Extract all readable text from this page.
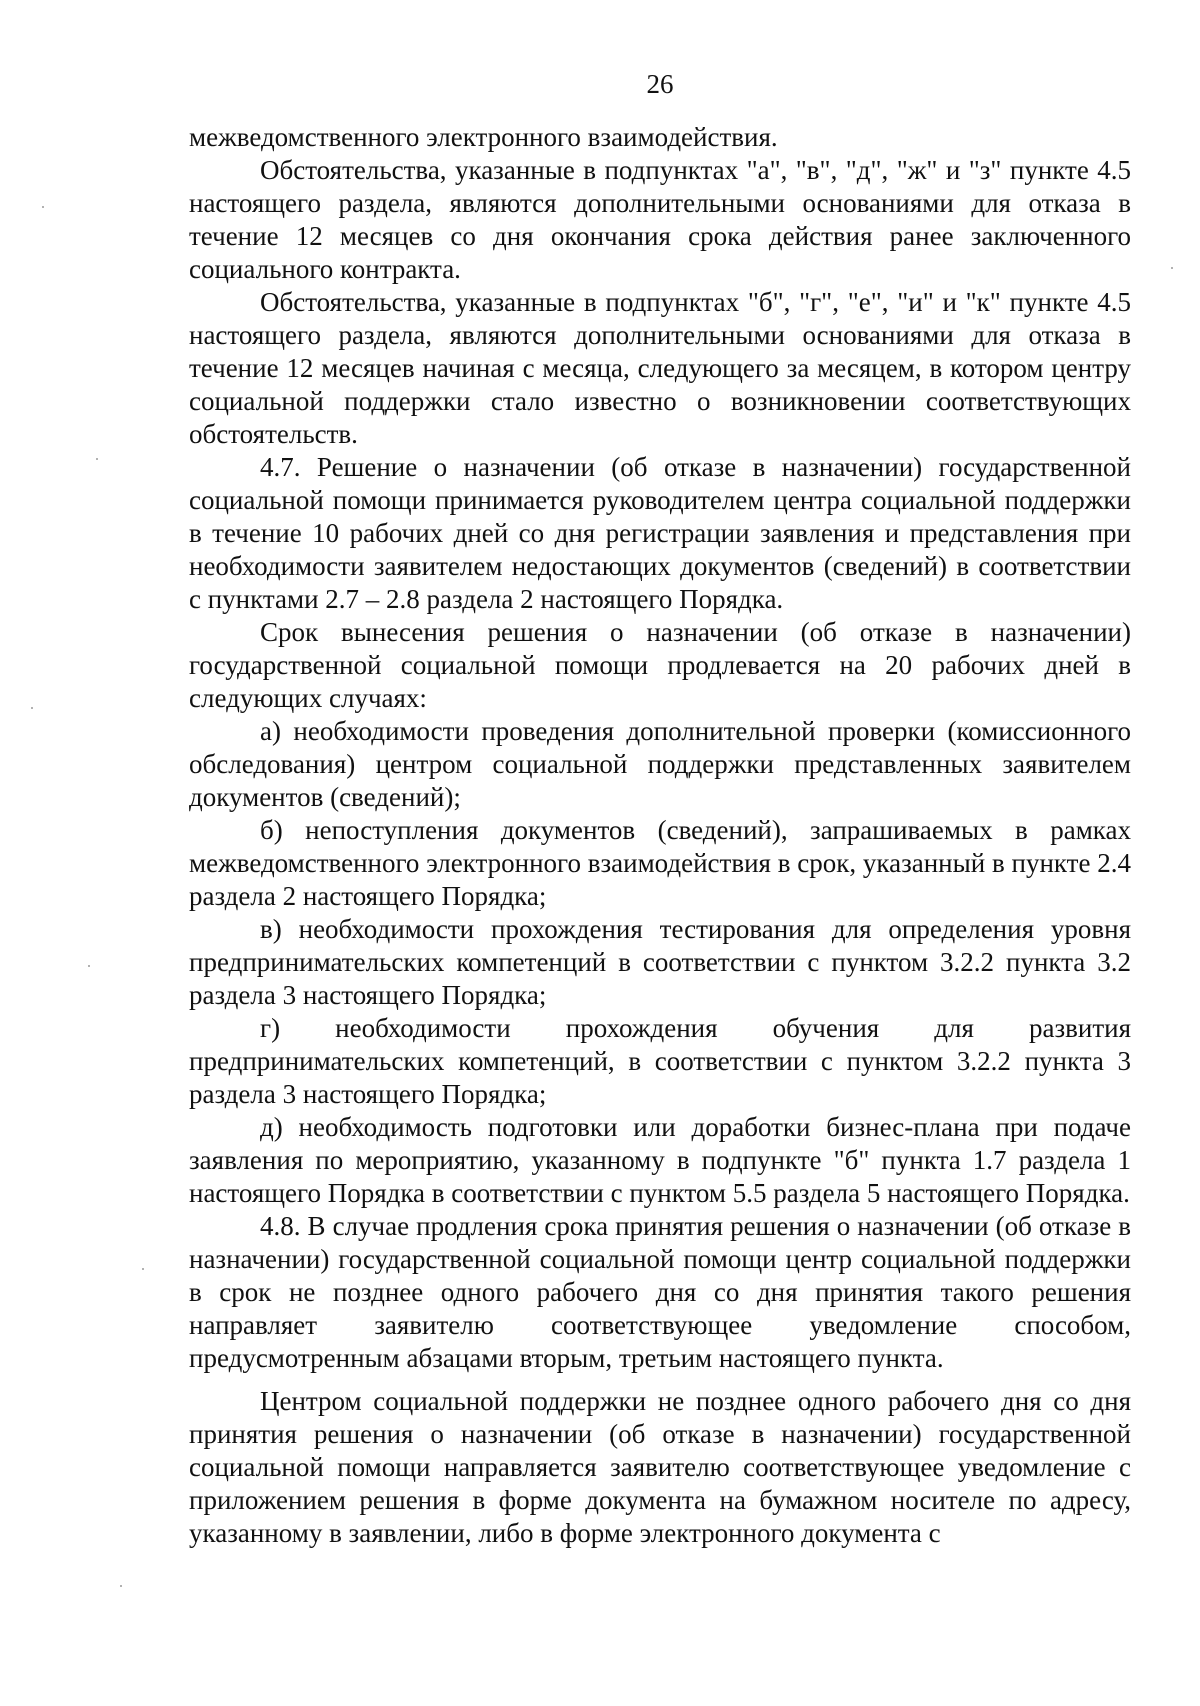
26

межведомственного электронного взаимодействия.

Обстоятельства, указанные в подпунктах "а", "в", "д", "ж" и "з" пункте 4.5 настоящего раздела, являются дополнительными основаниями для отказа в течение 12 месяцев со дня окончания срока действия ранее заключенного социального контракта.

Обстоятельства, указанные в подпунктах "б", "г", "е", "и" и "к" пункте 4.5 настоящего раздела, являются дополнительными основаниями для отказа в течение 12 месяцев начиная с месяца, следующего за месяцем, в котором центру социальной поддержки стало известно о возникновении соответствующих обстоятельств.

4.7. Решение о назначении (об отказе в назначении) государственной социальной помощи принимается руководителем центра социальной поддержки в течение 10 рабочих дней со дня регистрации заявления и представления при необходимости заявителем недостающих документов (сведений) в соответствии с пунктами 2.7 – 2.8 раздела 2 настоящего Порядка.

Срок вынесения решения о назначении (об отказе в назначении) государственной социальной помощи продлевается на 20 рабочих дней в следующих случаях:

а) необходимости проведения дополнительной проверки (комиссионного обследования) центром социальной поддержки представленных заявителем документов (сведений);

б) непоступления документов (сведений), запрашиваемых в рамках межведомственного электронного взаимодействия в срок, указанный в пункте 2.4 раздела 2 настоящего Порядка;

в) необходимости прохождения тестирования для определения уровня предпринимательских компетенций в соответствии с пунктом 3.2.2 пункта 3.2 раздела 3 настоящего Порядка;

г) необходимости прохождения обучения для развития предпринимательских компетенций, в соответствии с пунктом 3.2.2 пункта 3 раздела 3 настоящего Порядка;

д) необходимость подготовки или доработки бизнес-плана при подаче заявления по мероприятию, указанному в подпункте "б" пункта 1.7 раздела 1 настоящего Порядка в соответствии с пунктом 5.5 раздела 5 настоящего Порядка.

4.8. В случае продления срока принятия решения о назначении (об отказе в назначении) государственной социальной помощи центр социальной поддержки в срок не позднее одного рабочего дня со дня принятия такого решения направляет заявителю соответствующее уведомление способом, предусмотренным абзацами вторым, третьим настоящего пункта.

Центром социальной поддержки не позднее одного рабочего дня со дня принятия решения о назначении (об отказе в назначении) государственной социальной помощи направляется заявителю соответствующее уведомление с приложением решения в форме документа на бумажном носителе по адресу, указанному в заявлении, либо в форме электронного документа с
